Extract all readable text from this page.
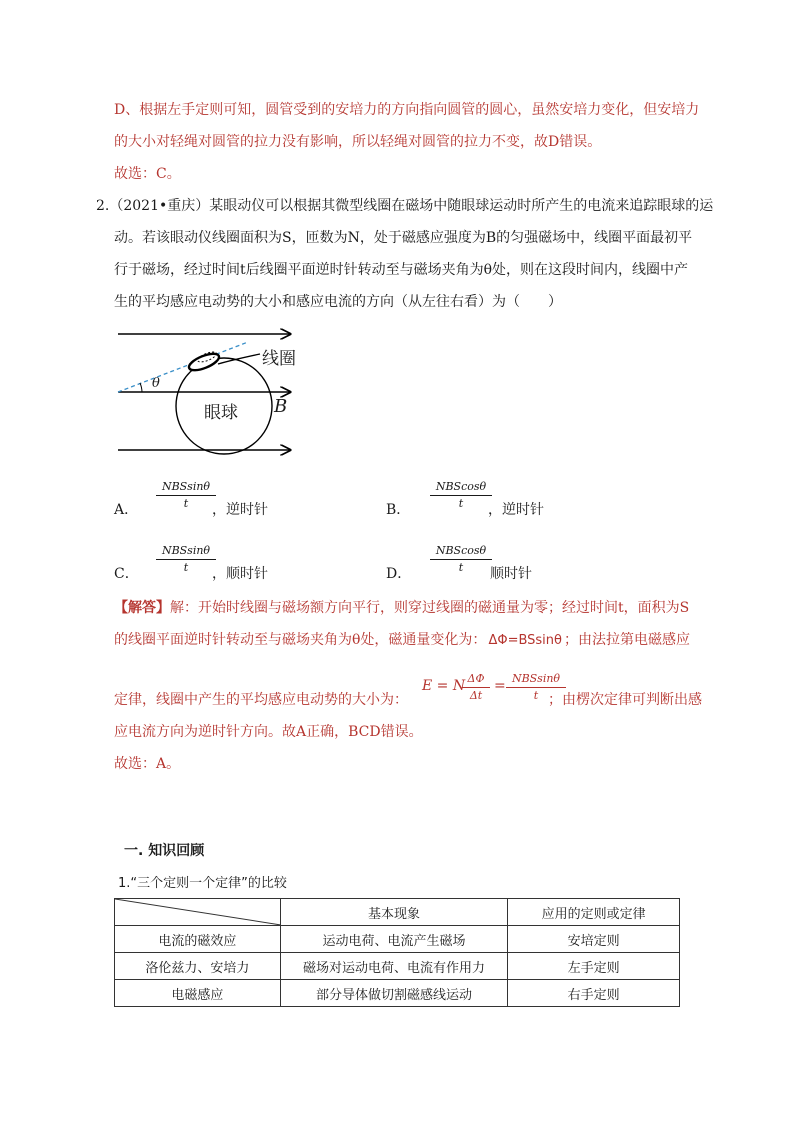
D、根据左手定则可知，圆管受到的安培力的方向指向圆管的圆心，虽然安培力变化，但安培力
的大小对轻绳对圆管的拉力没有影响，所以轻绳对圆管的拉力不变，故D错误。
故选：C。
2.（2021•重庆）某眼动仪可以根据其微型线圈在磁场中随眼球运动时所产生的电流来追踪眼球的运
动。若该眼动仪线圈面积为S，匝数为N，处于磁感应强度为B的匀强磁场中，线圈平面最初平
行于磁场，经过时间t后线圈平面逆时针转动至与磁场夹角为θ处，则在这段时间内，线圈中产
生的平均感应电动势的大小和感应电流的方向（从左往右看）为（　　）
线圈
眼球
θ
B
A．
NBSsinθ
t	，逆时针	B．
NBScosθ
t	，逆时针
C．
NBSsinθ
t	，顺时针	D．
NBScosθ
t	顺时针
【解答】解：开始时线圈与磁场额方向平行，则穿过线圈的磁通量为零；经过时间t，面积为S
的线圈平面逆时针转动至与磁场夹角为θ处，磁通量变化为： ΔΦ=BSsinθ ；由法拉第电磁感应
定律，线圈中产生的平均感应电动势的大小为：
E = N
$\frac{\Delta\Phi}{\Delta t} = NBSsin\theta$
t ；由楞次定律可判断出感
应电流方向为逆时针方向。故A正确，BCD错误。
故选：A。
一. 知识回顾
1.“三个定则一个定律”的比较
	基本现象	应用的定则或定律
电流的磁效应	运动电荷、电流产生磁场	安培定则
洛伦兹力、安培力	磁场对运动电荷、电流有作用力	左手定则
电磁感应	部分导体做切割磁感线运动	右手定则
